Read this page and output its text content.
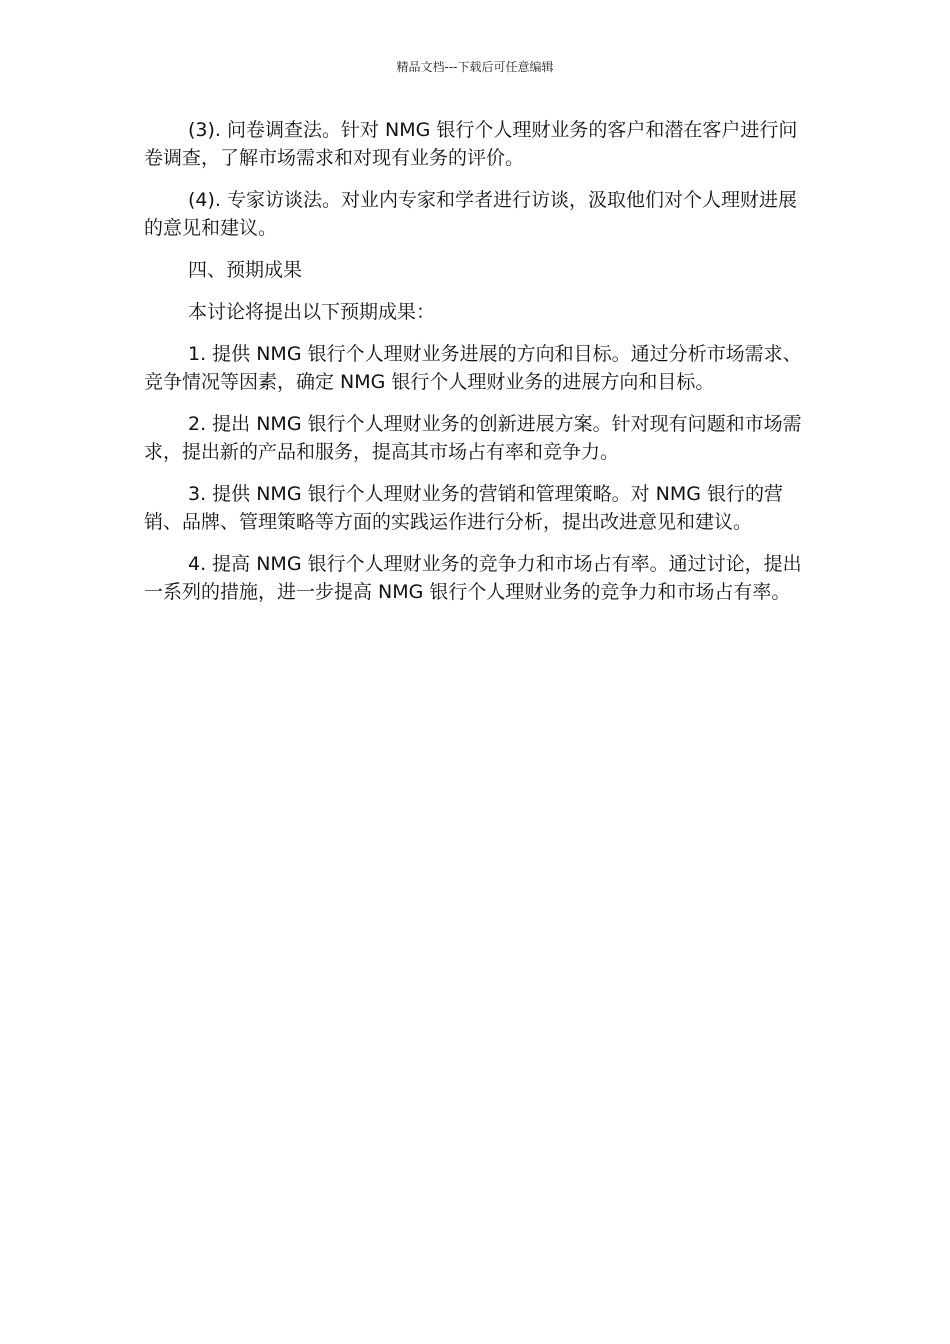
精品文档---下载后可任意编辑

(3). 问卷调查法。针对 NMG 银行个人理财业务的客户和潜在客户进行问卷调查，了解市场需求和对现有业务的评价。

(4). 专家访谈法。对业内专家和学者进行访谈，汲取他们对个人理财进展的意见和建议。

四、预期成果

本讨论将提出以下预期成果：

1. 提供 NMG 银行个人理财业务进展的方向和目标。通过分析市场需求、竞争情况等因素，确定 NMG 银行个人理财业务的进展方向和目标。

2. 提出 NMG 银行个人理财业务的创新进展方案。针对现有问题和市场需求，提出新的产品和服务，提高其市场占有率和竞争力。

3. 提供 NMG 银行个人理财业务的营销和管理策略。对 NMG 银行的营销、品牌、管理策略等方面的实践运作进行分析，提出改进意见和建议。

4. 提高 NMG 银行个人理财业务的竞争力和市场占有率。通过讨论，提出一系列的措施，进一步提高 NMG 银行个人理财业务的竞争力和市场占有率。
